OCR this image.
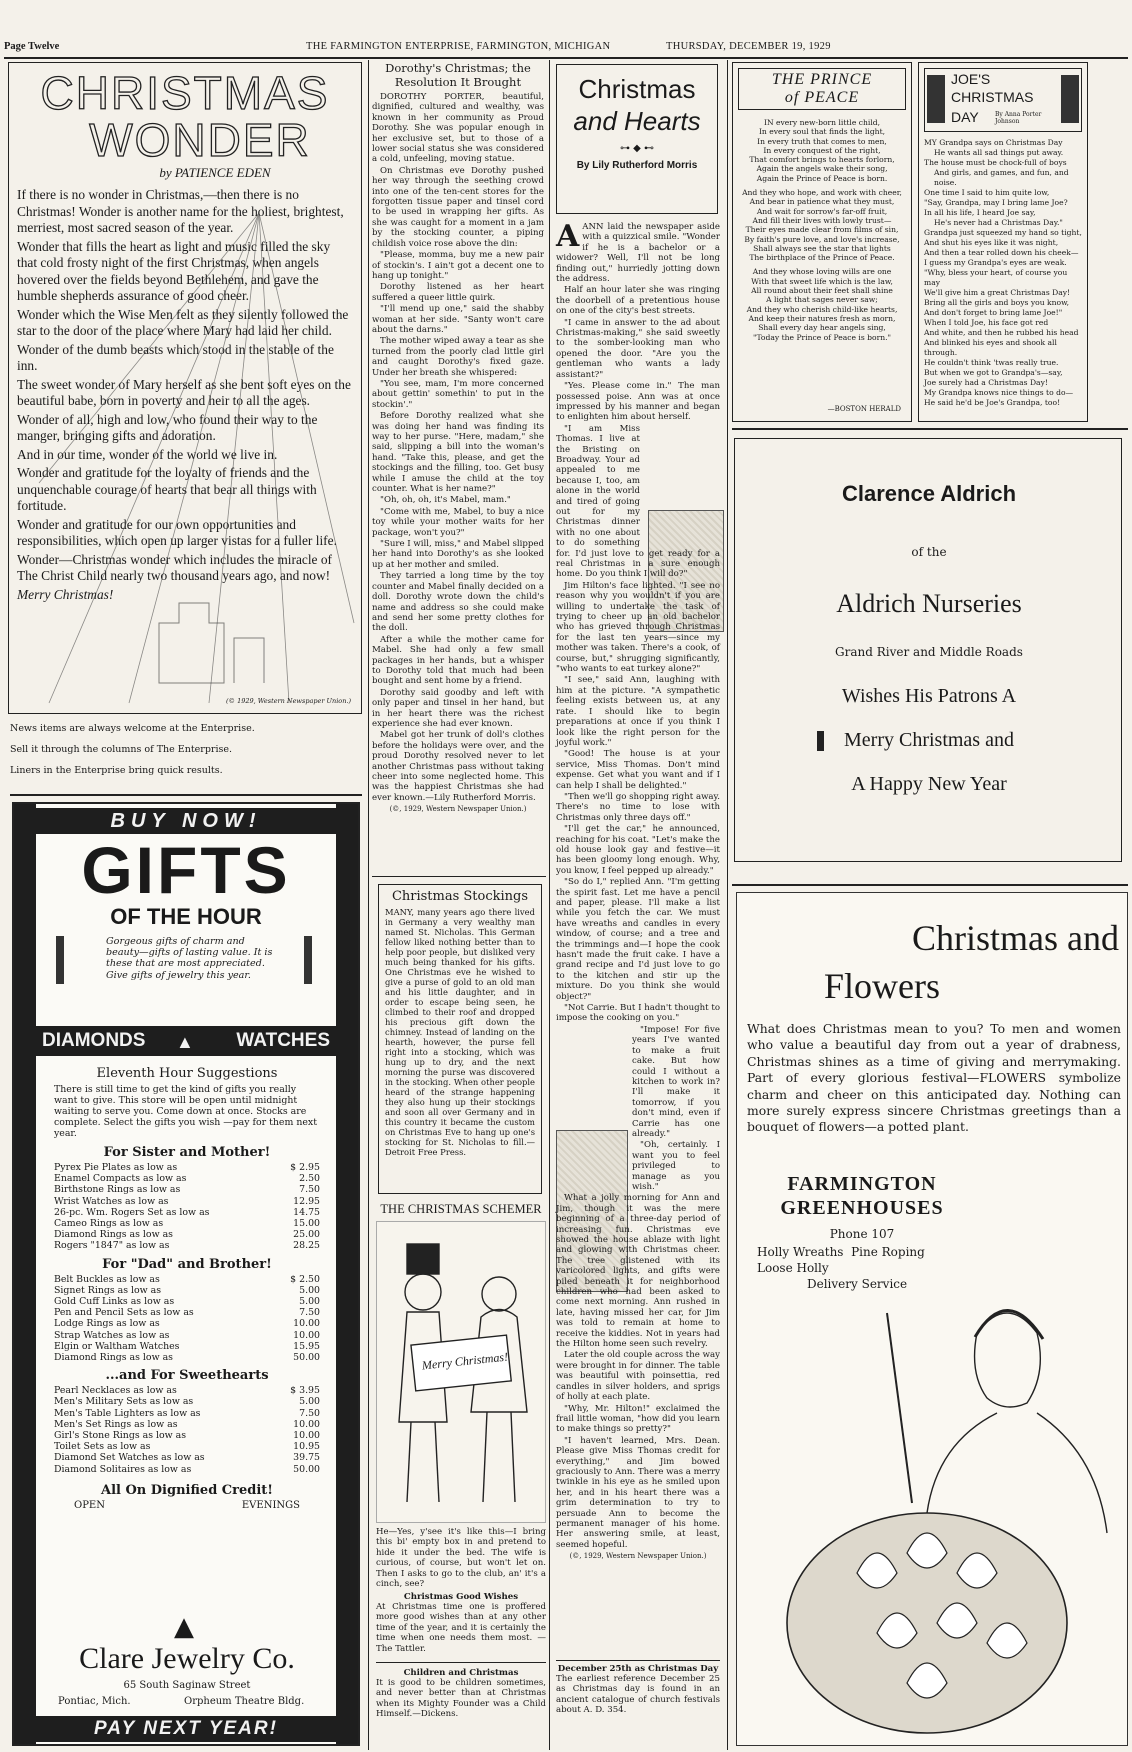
Page Twelve	THE FARMINGTON ENTERPRISE, FARMINGTON, MICHIGAN	THURSDAY, DECEMBER 19, 1929
CHRISTMAS
WONDER
by PATIENCE EDEN
If there is no wonder in Christmas,—then there is no Christmas! Wonder is another name for the holiest, brightest, merriest, most sacred season of the year.
Wonder that fills the heart as light and music filled the sky that cold frosty night of the first Christmas, when angels hovered over the fields beyond Bethlehem, and gave the humble shepherds assurance of good cheer.
Wonder which the Wise Men felt as they silently followed the star to the door of the place where Mary had laid her child.
Wonder of the dumb beasts which stood in the stable of the inn.
The sweet wonder of Mary herself as she bent soft eyes on the beautiful babe, born in poverty and heir to all the ages.
Wonder of all, high and low, who found their way to the manger, bringing gifts and adoration.
And in our time, wonder of the world we live in.
Wonder and gratitude for the loyalty of friends and the unquenchable courage of hearts that bear all things with fortitude.
Wonder and gratitude for our own opportunities and responsibilities, which open up larger vistas for a fuller life.
Wonder—Christmas wonder which includes the miracle of The Christ Child nearly two thousand years ago, and now!
Merry Christmas!
(© 1929, Western Newspaper Union.)
News items are always welcome at the Enterprise.
Sell it through the columns of The Enterprise.
Liners in the Enterprise bring quick results.
BUY NOW!
GIFTS
OF THE HOUR
Gorgeous gifts of charm and beauty—gifts of lasting value. It is these that are most appreciated. Give gifts of jewelry this year.
DIAMONDS ▲ WATCHES
Eleventh Hour Suggestions
There is still time to get the kind of gifts you really want to give. This store will be open until midnight waiting to serve you. Come down at once. Stocks are complete. Select the gifts you wish —pay for them next year.
For Sister and Mother!
Pyrex Pie Plates as low as	$ 2.95
Enamel Compacts as low as	2.50
Birthstone Rings as low as	7.50
Wrist Watches as low as	12.95
26-pc. Wm. Rogers Set as low as	14.75
Cameo Rings as low as	15.00
Diamond Rings as low as	25.00
Rogers "1847" as low as	28.25
For "Dad" and Brother!
Belt Buckles as low as	$ 2.50
Signet Rings as low as	5.00
Gold Cuff Links as low as	5.00
Pen and Pencil Sets as low as	7.50
Lodge Rings as low as	10.00
Strap Watches as low as	10.00
Elgin or Waltham Watches	15.95
Diamond Rings as low as	50.00
...and For Sweethearts
Pearl Necklaces as low as	$ 3.95
Men's Military Sets as low as	5.00
Men's Table Lighters as low as	7.50
Men's Set Rings as low as	10.00
Girl's Stone Rings as low as	10.00
Toilet Sets as low as	10.95
Diamond Set Watches as low as	39.75
Diamond Solitaires as low as	50.00
All On Dignified Credit!
OPEN	EVENINGS
▲
Clare Jewelry Co.
65 South Saginaw Street
Pontiac, Mich.	Orpheum Theatre Bldg.
PAY NEXT YEAR!
Dorothy's Christmas; the Resolution It Brought

DOROTHY PORTER, beautiful, dignified, cultured and wealthy, was known in her community as Proud Dorothy. She was popular enough in her exclusive set, but to those of a lower social status she was considered a cold, unfeeling, moving statue.

On Christmas eve Dorothy pushed her way through the seething crowd into one of the ten-cent stores for the forgotten tissue paper and tinsel cord to be used in wrapping her gifts. As she was caught for a moment in a jam by the stocking counter, a piping childish voice rose above the din:

"Please, momma, buy me a new pair of stockin's. I ain't got a decent one to hang up tonight."

Dorothy listened as her heart suffered a queer little quirk.

"I'll mend up one," said the shabby woman at her side. "Santy won't care about the darns."

The mother wiped away a tear as she turned from the poorly clad little girl and caught Dorothy's fixed gaze. Under her breath she whispered:

"You see, mam, I'm more concerned about gettin' somethin' to put in the stockin'."

Before Dorothy realized what she was doing her hand was finding its way to her purse. "Here, madam," she said, slipping a bill into the woman's hand. "Take this, please, and get the stockings and the filling, too. Get busy while I amuse the child at the toy counter. What is her name?"

"Oh, oh, oh, it's Mabel, mam."

"Come with me, Mabel, to buy a nice toy while your mother waits for her package, won't you?"

"Sure I will, miss," and Mabel slipped her hand into Dorothy's as she looked up at her mother and smiled.

They tarried a long time by the toy counter and Mabel finally decided on a doll. Dorothy wrote down the child's name and address so she could make and send her some pretty clothes for the doll.

After a while the mother came for Mabel. She had only a few small packages in her hands, but a whisper to Dorothy told that much had been bought and sent home by a friend.

Dorothy said goodby and left with only paper and tinsel in her hand, but in her heart there was the richest experience she had ever known.

Mabel got her trunk of doll's clothes before the holidays were over, and the proud Dorothy resolved never to let another Christmas pass without taking cheer into some neglected home. This was the happiest Christmas she had ever known.—Lily Rutherford Morris.

(©, 1929, Western Newspaper Union.)

Christmas Stockings
MANY, many years ago there lived in Germany a very wealthy man named St. Nicholas. This German fellow liked nothing better than to help poor people, but disliked very much being thanked for his gifts. One Christmas eve he wished to give a purse of gold to an old man and his little daughter, and in order to escape being seen, he climbed to their roof and dropped his precious gift down the chimney. Instead of landing on the hearth, however, the purse fell right into a stocking, which was hung up to dry, and the next morning the purse was discovered in the stocking. When other people heard of the strange happening they also hung up their stockings and soon all over Germany and in this country it became the custom on Christmas Eve to hang up one's stocking for St. Nicholas to fill.—Detroit Free Press.
THE CHRISTMAS SCHEMER
Merry Christmas!
He—Yes, y'see it's like this—I bring this bi' empty box in and pretend to hide it under the bed. The wife is curious, of course, but won't let on. Then I asks to go to the club, an' it's a cinch, see?
Christmas Good Wishes
At Christmas time one is proffered more good wishes than at any other time of the year, and it is certainly the time when one needs them most. —The Tattler.
Children and Christmas
It is good to be children sometimes, and never better than at Christmas when its Mighty Founder was a Child Himself.—Dickens.
Christmas
and Hearts
⊶ ◆ ⊷
By Lily Rutherford Morris
A ANN laid the newspaper aside with a quizzical smile. "Wonder if he is a bachelor or a widower? Well, I'll not be long finding out," hurriedly jotting down the address.

Half an hour later she was ringing the doorbell of a pretentious house on one of the city's best streets.

"I came in answer to the ad about Christmas-making," she said sweetly to the somber-looking man who opened the door. "Are you the gentleman who wants a lady assistant?"

"Yes. Please come in." The man possessed poise. Ann was at once impressed by his manner and began to enlighten him about herself.

"I am Miss Thomas. I live at the Bristing on Broadway. Your ad appealed to me because I, too, am alone in the world and tired of going out for my Christmas dinner with no one about to do something for. I'd just love to get ready for a real Christmas in a sure enough home. Do you think I will do?"

Jim Hilton's face lighted. "I see no reason why you wouldn't if you are willing to undertake the task of trying to cheer up an old bachelor who has grieved through Christmas for the last ten years—since my mother was taken. There's a cook, of course, but," shrugging significantly, "who wants to eat turkey alone?"

"I see," said Ann, laughing with him at the picture. "A sympathetic feeling exists between us, at any rate. I should like to begin preparations at once if you think I look like the right person for the joyful work."

"Good! The house is at your service, Miss Thomas. Don't mind expense. Get what you want and if I can help I shall be delighted."

"Then we'll go shopping right away. There's no time to lose with Christmas only three days off."

"I'll get the car," he announced, reaching for his coat. "Let's make the old house look gay and festive—it has been gloomy long enough. Why, you know, I feel pepped up already."

"So do I," replied Ann. "I'm getting the spirit fast. Let me have a pencil and paper, please. I'll make a list while you fetch the car. We must have wreaths and candles in every window, of course; and a tree and the trimmings and—I hope the cook hasn't made the fruit cake. I have a grand recipe and I'd just love to go to the kitchen and stir up the mixture. Do you think she would object?"

"Not Carrie. But I hadn't thought to impose the cooking on you."

"Impose! For five years I've wanted to make a fruit cake. But how could I without a kitchen to work in? I'll make it tomorrow, if you don't mind, even if Carrie has one already."

"Oh, certainly. I want you to feel privileged to manage as you wish."

What a jolly morning for Ann and Jim, though it was the mere beginning of a three-day period of increasing fun. Christmas eve showed the house ablaze with light and glowing with Christmas cheer. The tree glistened with its varicolored lights, and gifts were piled beneath it for neighborhood children who had been asked to come next morning. Ann rushed in late, having missed her car, for Jim was told to remain at home to receive the kiddies. Not in years had the Hilton home seen such revelry.

Later the old couple across the way were brought in for dinner. The table was beautiful with poinsettia, red candles in silver holders, and sprigs of holly at each plate.

"Why, Mr. Hilton!" exclaimed the frail little woman, "how did you learn to make things so pretty?"

"I haven't learned, Mrs. Dean. Please give Miss Thomas credit for everything," and Jim bowed graciously to Ann. There was a merry twinkle in his eye as he smiled upon her, and in his heart there was a grim determination to try to persuade Ann to become the permanent manager of his home. Her answering smile, at least, seemed hopeful.

(©, 1929, Western Newspaper Union.)

December 25th as Christmas Day
The earliest reference December 25 as Christmas day is found in an ancient catalogue of church festivals about A. D. 354.
THE PRINCE
of PEACE
IN every new-born little child,
In every soul that finds the light,
In every truth that comes to men,
In every conquest of the right,
That comfort brings to hearts forlorn,
Again the angels wake their song,
Again the Prince of Peace is born.
And they who hope, and work with cheer,
And bear in patience what they must,
And wait for sorrow's far-off fruit,
And fill their lives with lowly trust—
Their eyes made clear from films of sin,
By faith's pure love, and love's increase,
Shall always see the star that lights
The birthplace of the Prince of Peace.
And they whose loving wills are one
With that sweet life which is the law,
All round about their feet shall shine
A light that sages never saw;
And they who cherish child-like hearts,
And keep their natures fresh as morn,
Shall every day hear angels sing,
"Today the Prince of Peace is born."
—BOSTON HERALD
JOE'S
CHRISTMAS
DAY	By Anna Porter Johnson
MY Grandpa says on Christmas Day
He wants all sad things put away.
The house must be chock-full of boys
And girls, and games, and fun, and noise.
One time I said to him quite low,
"Say, Grandpa, may I bring lame Joe?
In all his life, I heard Joe say,
He's never had a Christmas Day."
Grandpa just squeezed my hand so tight,
And shut his eyes like it was night,
And then a tear rolled down his cheek—
I guess my Grandpa's eyes are weak.
"Why, bless your heart, of course you may
We'll give him a great Christmas Day!
Bring all the girls and boys you know,
And don't forget to bring lame Joe!"
When I told Joe, his face got red
And white, and then he rubbed his head
And blinked his eyes and shook all through.
He couldn't think 'twas really true.
But when we got to Grandpa's—say,
Joe surely had a Christmas Day!
My Grandpa knows nice things to do—
He said he'd be Joe's Grandpa, too!
Clarence Aldrich
of the
Aldrich Nurseries
Grand River and Middle Roads
Wishes His Patrons A
Merry Christmas and
A Happy New Year
Christmas and
Flowers
What does Christmas mean to you? To men and women who value a beautiful day from out a year of drabness, Christmas shines as a time of giving and merrymaking. Part of every glorious festival—FLOWERS symbolize charm and cheer on this anticipated day. Nothing can more surely express sincere Christmas greetings than a bouquet of flowers—a potted plant.
FARMINGTON
GREENHOUSES
Phone 107
Holly Wreaths  Pine Roping
Loose Holly
Delivery Service
